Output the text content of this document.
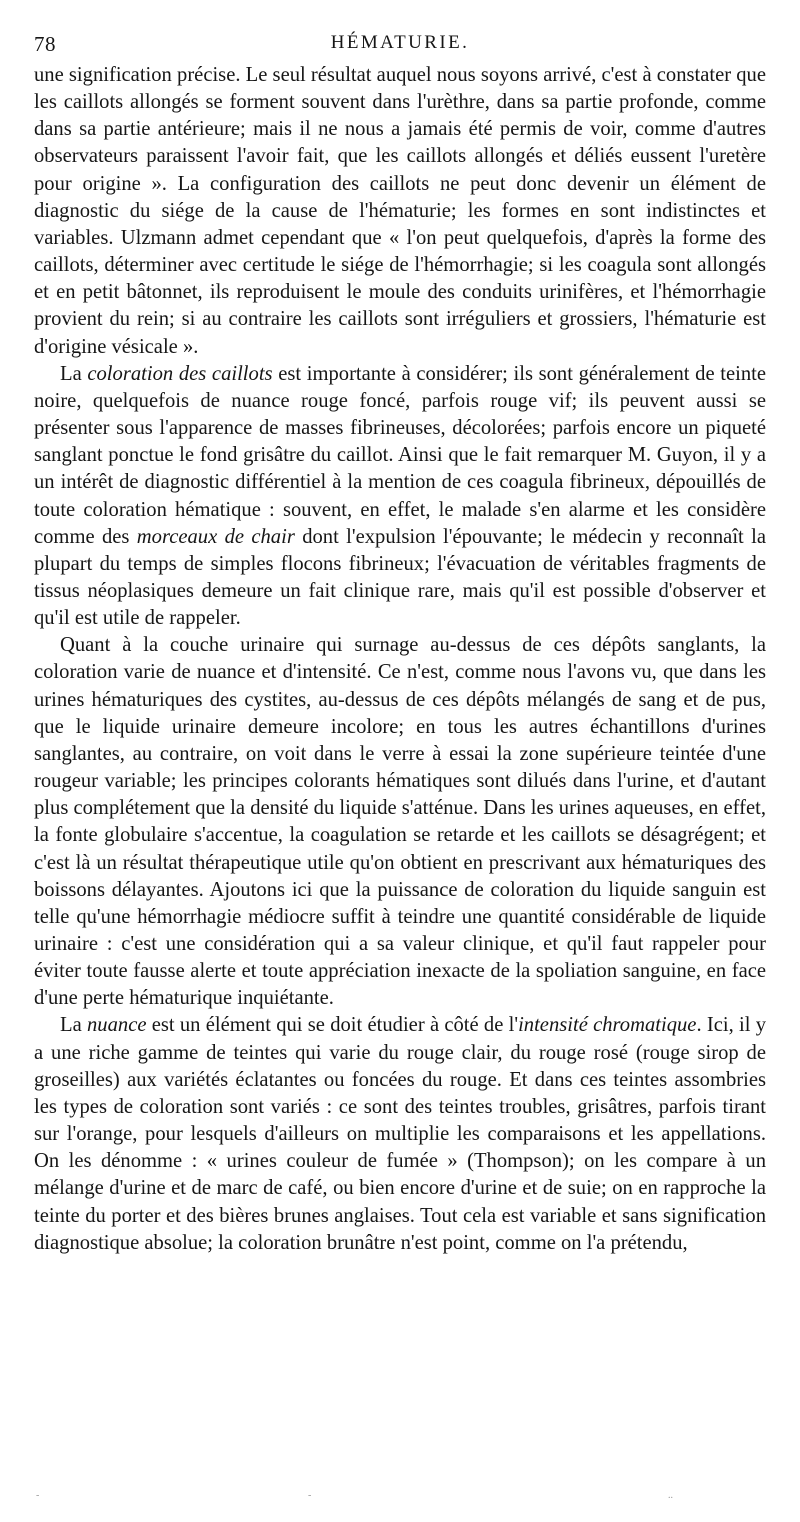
78	HÉMATURIE.

une signification précise. Le seul résultat auquel nous soyons arrivé, c'est à constater que les caillots allongés se forment souvent dans l'urèthre, dans sa partie profonde, comme dans sa partie antérieure; mais il ne nous a jamais été permis de voir, comme d'autres observateurs paraissent l'avoir fait, que les caillots allongés et déliés eussent l'uretère pour origine ». La configuration des caillots ne peut donc devenir un élément de diagnostic du siége de la cause de l'hématurie; les formes en sont indistinctes et variables. Ulzmann admet cependant que « l'on peut quelquefois, d'après la forme des caillots, déterminer avec certitude le siége de l'hémorrhagie; si les coagula sont allongés et en petit bâtonnet, ils reproduisent le moule des conduits urinifères, et l'hémorrhagie provient du rein; si au contraire les caillots sont irréguliers et grossiers, l'hématurie est d'origine vésicale ».

La coloration des caillots est importante à considérer; ils sont généralement de teinte noire, quelquefois de nuance rouge foncé, parfois rouge vif; ils peuvent aussi se présenter sous l'apparence de masses fibrineuses, décolorées; parfois encore un piqueté sanglant ponctue le fond grisâtre du caillot. Ainsi que le fait remarquer M. Guyon, il y a un intérêt de diagnostic différentiel à la mention de ces coagula fibrineux, dépouillés de toute coloration hématique : souvent, en effet, le malade s'en alarme et les considère comme des morceaux de chair dont l'expulsion l'épouvante; le médecin y reconnaît la plupart du temps de simples flocons fibrineux; l'évacuation de véritables fragments de tissus néoplasiques demeure un fait clinique rare, mais qu'il est possible d'observer et qu'il est utile de rappeler.

Quant à la couche urinaire qui surnage au-dessus de ces dépôts sanglants, la coloration varie de nuance et d'intensité. Ce n'est, comme nous l'avons vu, que dans les urines hématuriques des cystites, au-dessus de ces dépôts mélangés de sang et de pus, que le liquide urinaire demeure incolore; en tous les autres échantillons d'urines sanglantes, au contraire, on voit dans le verre à essai la zone supérieure teintée d'une rougeur variable; les principes colorants hématiques sont dilués dans l'urine, et d'autant plus complétement que la densité du liquide s'atténue. Dans les urines aqueuses, en effet, la fonte globulaire s'accentue, la coagulation se retarde et les caillots se désagrégent; et c'est là un résultat thérapeutique utile qu'on obtient en prescrivant aux hématuriques des boissons délayantes. Ajoutons ici que la puissance de coloration du liquide sanguin est telle qu'une hémorrhagie médiocre suffit à teindre une quantité considérable de liquide urinaire : c'est une considération qui a sa valeur clinique, et qu'il faut rappeler pour éviter toute fausse alerte et toute appréciation inexacte de la spoliation sanguine, en face d'une perte hématurique inquiétante.

La nuance est un élément qui se doit étudier à côté de l'intensité chromatique. Ici, il y a une riche gamme de teintes qui varie du rouge clair, du rouge rosé (rouge sirop de groseilles) aux variétés éclatantes ou foncées du rouge. Et dans ces teintes assombries les types de coloration sont variés : ce sont des teintes troubles, grisâtres, parfois tirant sur l'orange, pour lesquels d'ailleurs on multiplie les comparaisons et les appellations. On les dénomme : « urines couleur de fumée » (Thompson); on les compare à un mélange d'urine et de marc de café, ou bien encore d'urine et de suie; on en rapproche la teinte du porter et des bières brunes anglaises. Tout cela est variable et sans signification diagnostique absolue; la coloration brunâtre n'est point, comme on l'a prétendu,

-	-	..
